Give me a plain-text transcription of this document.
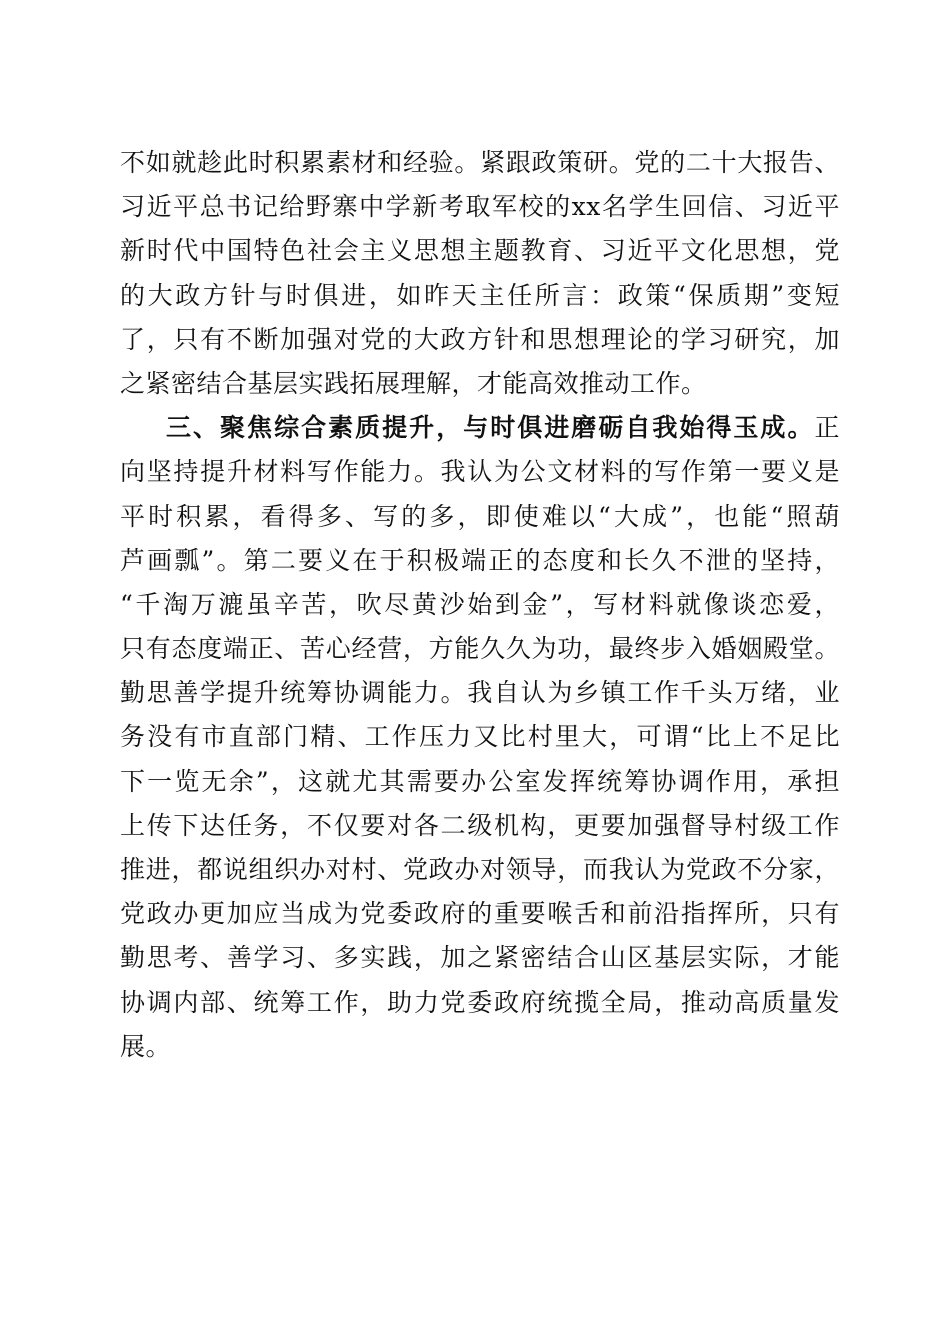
不如就趁此时积累素材和经验。紧跟政策研。党的二十大报告、
习近平总书记给野寨中学新考取军校的xx名学生回信、习近平
新时代中国特色社会主义思想主题教育、习近平文化思想，党
的大政方针与时俱进，如昨天主任所言：政策“保质期”变短
了，只有不断加强对党的大政方针和思想理论的学习研究，加
之紧密结合基层实践拓展理解，才能高效推动工作。
三、聚焦综合素质提升，与时俱进磨砺自我始得玉成。正
向坚持提升材料写作能力。我认为公文材料的写作第一要义是
平时积累，看得多、写的多，即使难以“大成”，也能“照葫
芦画瓢”。第二要义在于积极端正的态度和长久不泄的坚持，
“千淘万漉虽辛苦，吹尽黄沙始到金”，写材料就像谈恋爱，
只有态度端正、苦心经营，方能久久为功，最终步入婚姻殿堂。
勤思善学提升统筹协调能力。我自认为乡镇工作千头万绪，业
务没有市直部门精、工作压力又比村里大，可谓“比上不足比
下一览无余”，这就尤其需要办公室发挥统筹协调作用，承担
上传下达任务，不仅要对各二级机构，更要加强督导村级工作
推进，都说组织办对村、党政办对领导，而我认为党政不分家，
党政办更加应当成为党委政府的重要喉舌和前沿指挥所，只有
勤思考、善学习、多实践，加之紧密结合山区基层实际，才能
协调内部、统筹工作，助力党委政府统揽全局，推动高质量发
展。
